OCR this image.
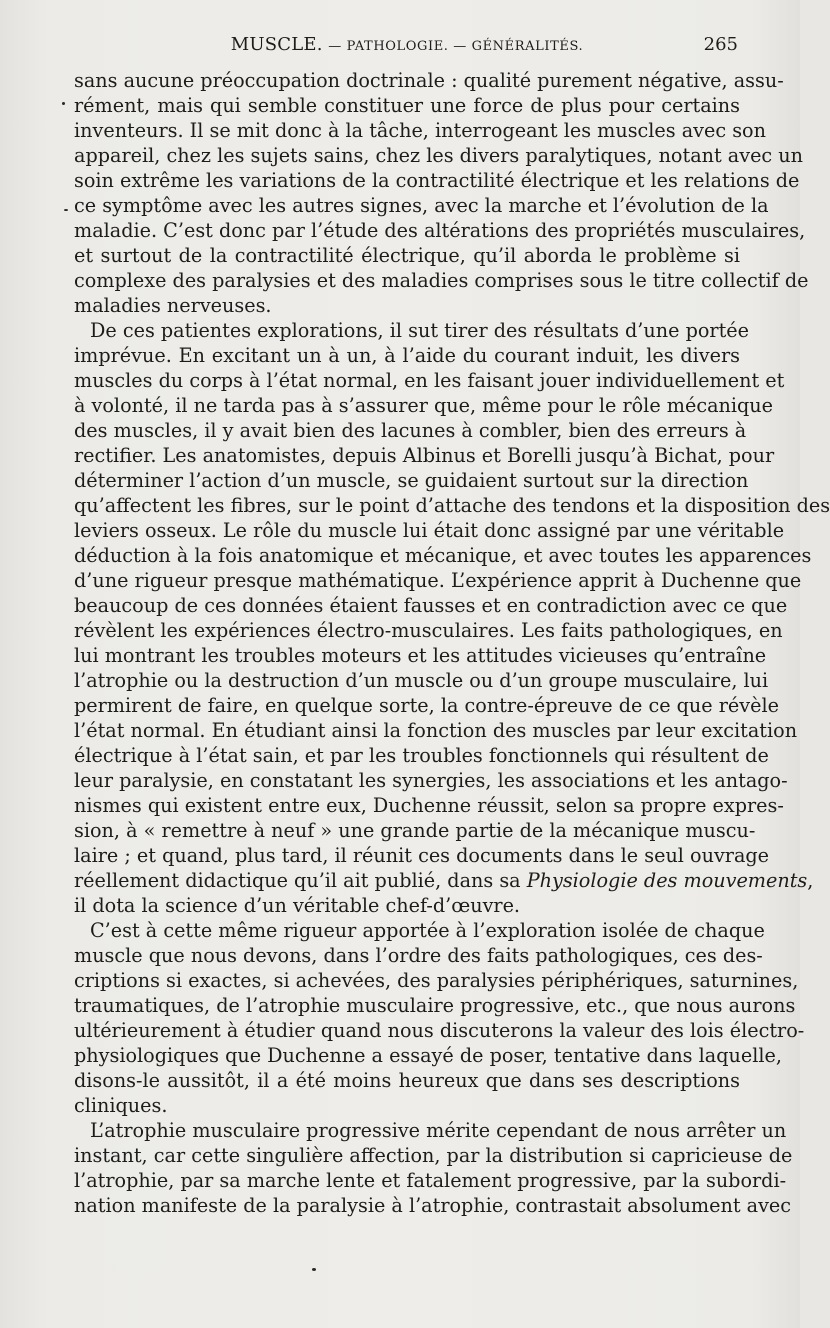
MUSCLE. — PATHOLOGIE. — GÉNÉRALITÉS.	265
sans aucune préoccupation doctrinale : qualité purement négative, assu-
rément, mais qui semble constituer une force de plus pour certains
inventeurs. Il se mit donc à la tâche, interrogeant les muscles avec son
appareil, chez les sujets sains, chez les divers paralytiques, notant avec un
soin extrême les variations de la contractilité électrique et les relations de
ce symptôme avec les autres signes, avec la marche et l’évolution de la
maladie. C’est donc par l’étude des altérations des propriétés musculaires,
et surtout de la contractilité électrique, qu’il aborda le problème si
complexe des paralysies et des maladies comprises sous le titre collectif de
maladies nerveuses.
De ces patientes explorations, il sut tirer des résultats d’une portée
imprévue. En excitant un à un, à l’aide du courant induit, les divers
muscles du corps à l’état normal, en les faisant jouer individuellement et
à volonté, il ne tarda pas à s’assurer que, même pour le rôle mécanique
des muscles, il y avait bien des lacunes à combler, bien des erreurs à
rectifier. Les anatomistes, depuis Albinus et Borelli jusqu’à Bichat, pour
déterminer l’action d’un muscle, se guidaient surtout sur la direction
qu’affectent les fibres, sur le point d’attache des tendons et la disposition des
leviers osseux. Le rôle du muscle lui était donc assigné par une véritable
déduction à la fois anatomique et mécanique, et avec toutes les apparences
d’une rigueur presque mathématique. L’expérience apprit à Duchenne que
beaucoup de ces données étaient fausses et en contradiction avec ce que
révèlent les expériences électro-musculaires. Les faits pathologiques, en
lui montrant les troubles moteurs et les attitudes vicieuses qu’entraîne
l’atrophie ou la destruction d’un muscle ou d’un groupe musculaire, lui
permirent de faire, en quelque sorte, la contre-épreuve de ce que révèle
l’état normal. En étudiant ainsi la fonction des muscles par leur excitation
électrique à l’état sain, et par les troubles fonctionnels qui résultent de
leur paralysie, en constatant les synergies, les associations et les antago-
nismes qui existent entre eux, Duchenne réussit, selon sa propre expres-
sion, à « remettre à neuf » une grande partie de la mécanique muscu-
laire ; et quand, plus tard, il réunit ces documents dans le seul ouvrage
réellement didactique qu’il ait publié, dans sa Physiologie des mouvements,
il dota la science d’un véritable chef-d’œuvre.
C’est à cette même rigueur apportée à l’exploration isolée de chaque
muscle que nous devons, dans l’ordre des faits pathologiques, ces des-
criptions si exactes, si achevées, des paralysies périphériques, saturnines,
traumatiques, de l’atrophie musculaire progressive, etc., que nous aurons
ultérieurement à étudier quand nous discuterons la valeur des lois électro-
physiologiques que Duchenne a essayé de poser, tentative dans laquelle,
disons-le aussitôt, il a été moins heureux que dans ses descriptions
cliniques.
L’atrophie musculaire progressive mérite cependant de nous arrêter un
instant, car cette singulière affection, par la distribution si capricieuse de
l’atrophie, par sa marche lente et fatalement progressive, par la subordi-
nation manifeste de la paralysie à l’atrophie, contrastait absolument avec
